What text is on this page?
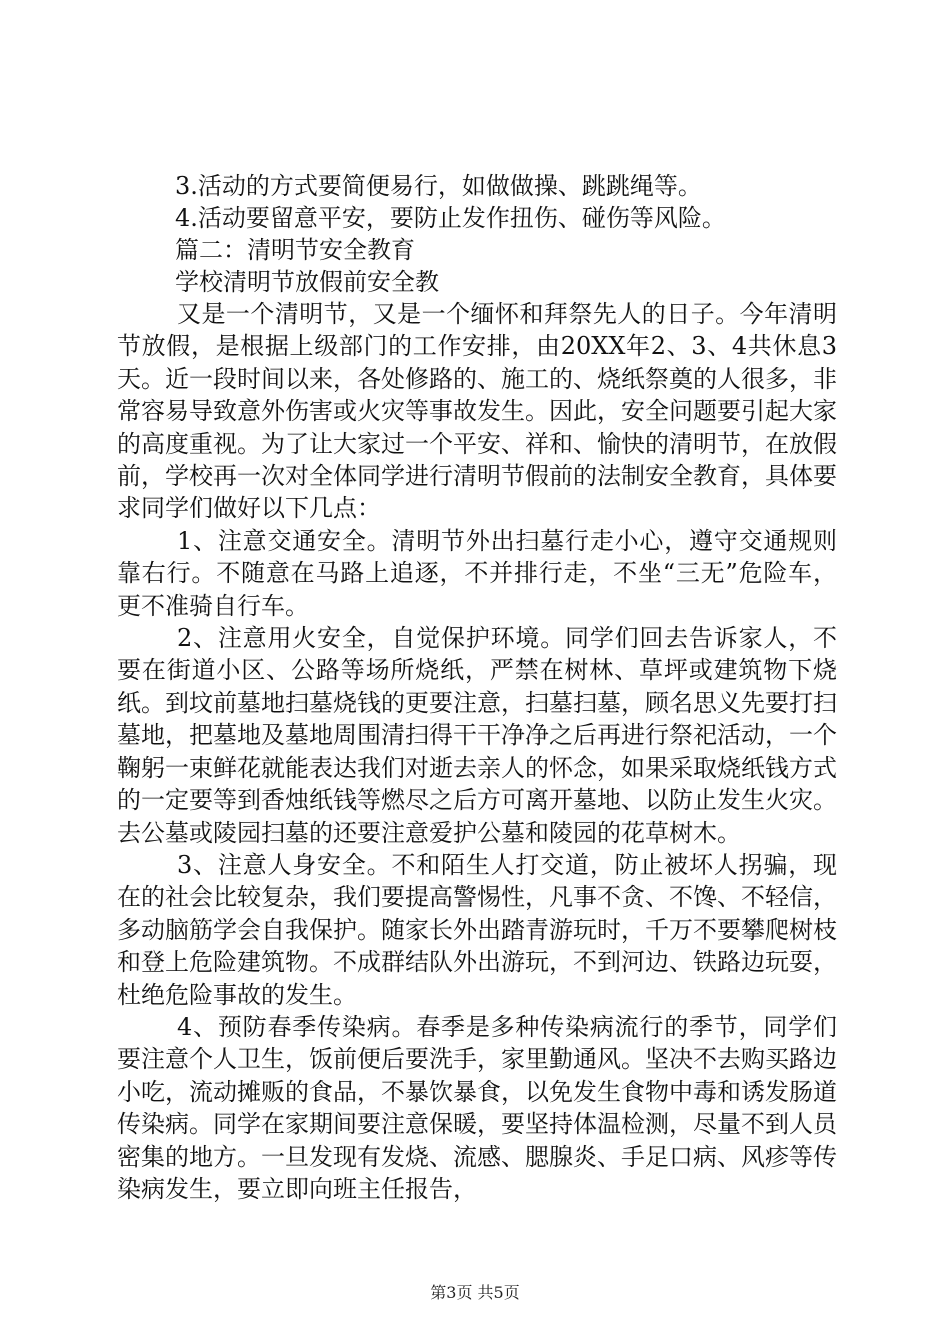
3.活动的方式要简便易行，如做做操、跳跳绳等。
4.活动要留意平安，要防止发作扭伤、碰伤等风险。
篇二：清明节安全教育
学校清明节放假前安全教
又是一个清明节，又是一个缅怀和拜祭先人的日子。今年清明节放假，是根据上级部门的工作安排，由20XX年2、3、4共休息3天。近一段时间以来，各处修路的、施工的、烧纸祭奠的人很多，非常容易导致意外伤害或火灾等事故发生。因此，安全问题要引起大家的高度重视。为了让大家过一个平安、祥和、愉快的清明节，在放假前，学校再一次对全体同学进行清明节假前的法制安全教育，具体要求同学们做好以下几点：
1、注意交通安全。清明节外出扫墓行走小心，遵守交通规则靠右行。不随意在马路上追逐，不并排行走，不坐“三无”危险车，更不准骑自行车。
2、注意用火安全，自觉保护环境。同学们回去告诉家人，不要在街道小区、公路等场所烧纸，严禁在树林、草坪或建筑物下烧纸。到坟前墓地扫墓烧钱的更要注意，扫墓扫墓，顾名思义先要打扫墓地，把墓地及墓地周围清扫得干干净净之后再进行祭祀活动，一个鞠躬一束鲜花就能表达我们对逝去亲人的怀念，如果采取烧纸钱方式的一定要等到香烛纸钱等燃尽之后方可离开墓地、以防止发生火灾。去公墓或陵园扫墓的还要注意爱护公墓和陵园的花草树木。
3、注意人身安全。不和陌生人打交道，防止被坏人拐骗，现在的社会比较复杂，我们要提高警惕性，凡事不贪、不馋、不轻信，多动脑筋学会自我保护。随家长外出踏青游玩时，千万不要攀爬树枝和登上危险建筑物。不成群结队外出游玩，不到河边、铁路边玩耍，杜绝危险事故的发生。
4、预防春季传染病。春季是多种传染病流行的季节，同学们要注意个人卫生，饭前便后要洗手，家里勤通风。坚决不去购买路边小吃，流动摊贩的食品，不暴饮暴食，以免发生食物中毒和诱发肠道传染病。同学在家期间要注意保暖，要坚持体温检测，尽量不到人员密集的地方。一旦发现有发烧、流感、腮腺炎、手足口病、风疹等传染病发生，要立即向班主任报告，
第3页 共5页
